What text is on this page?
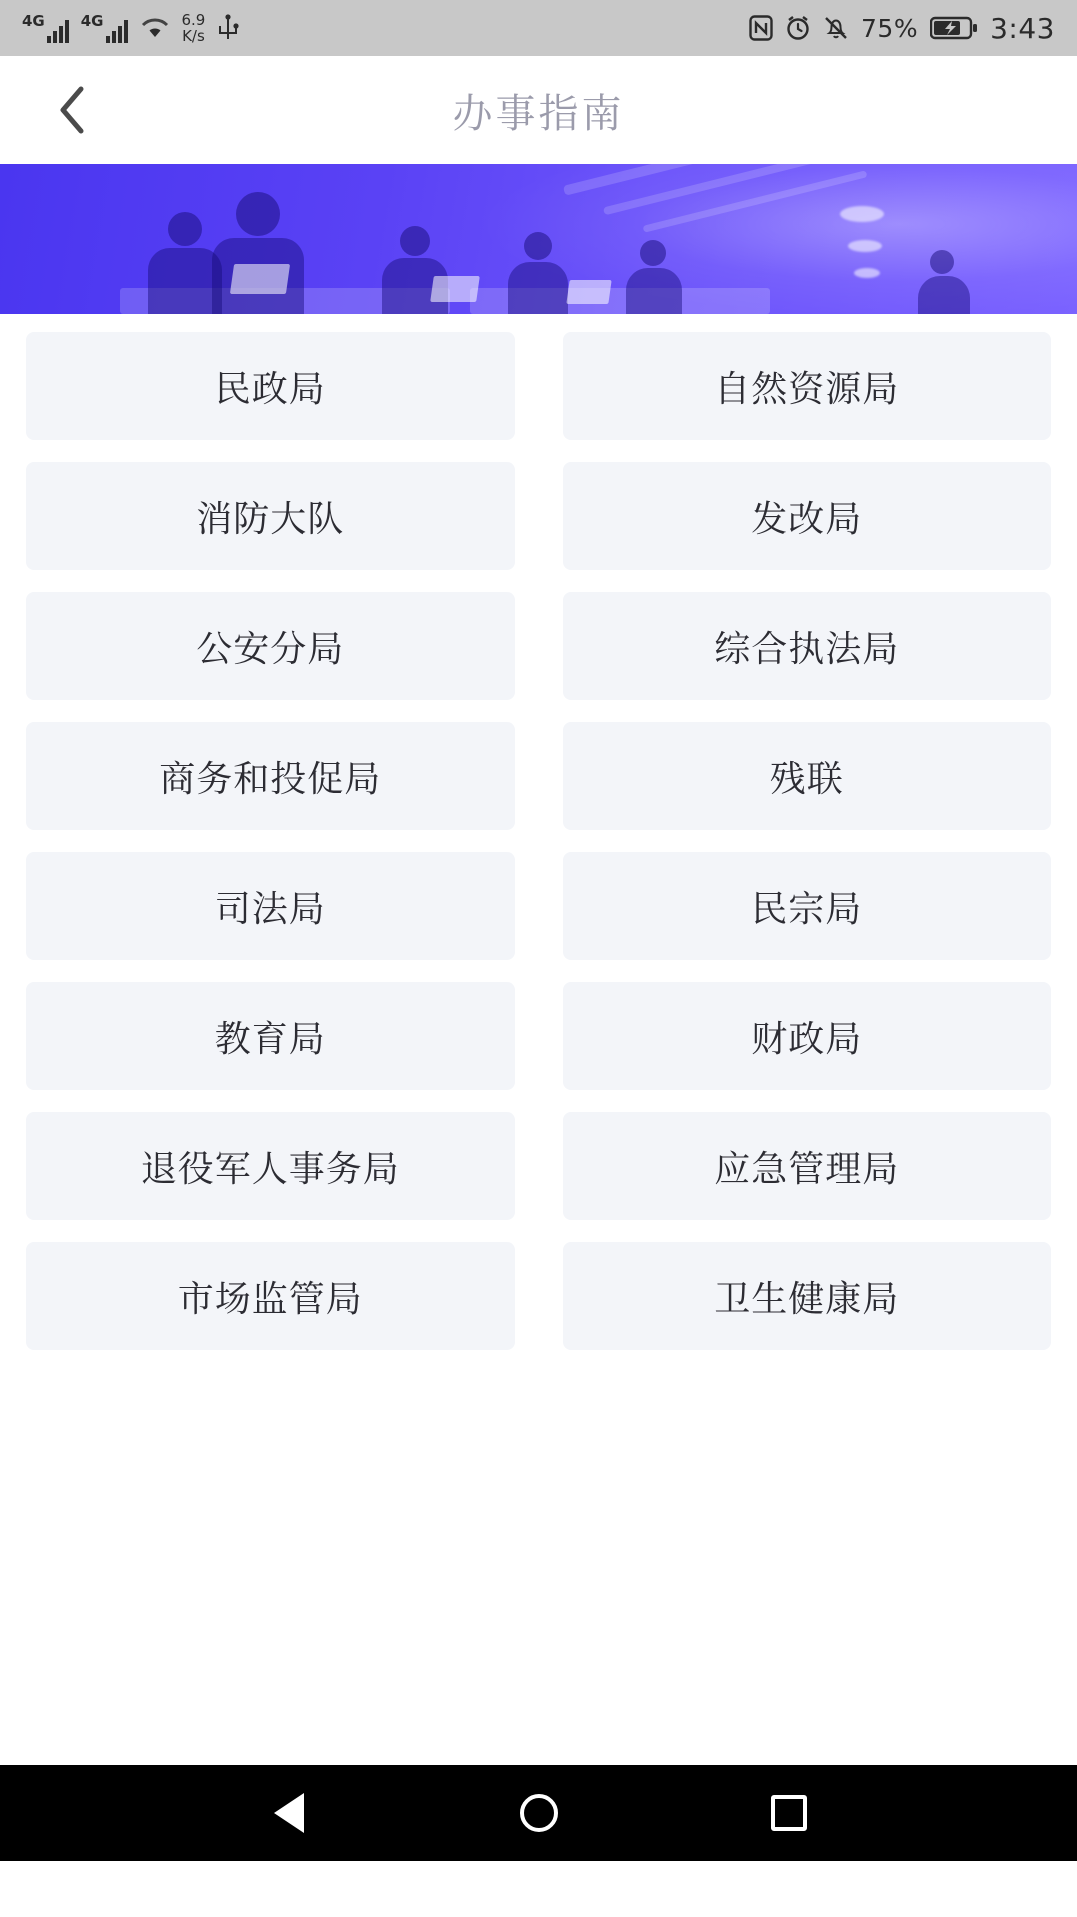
4G 4G	6.9
K/s	75%	3:43
办事指南
民政局	自然资源局
消防大队	发改局
公安分局	综合执法局
商务和投促局	残联
司法局	民宗局
教育局	财政局
退役军人事务局	应急管理局
市场监管局	卫生健康局
